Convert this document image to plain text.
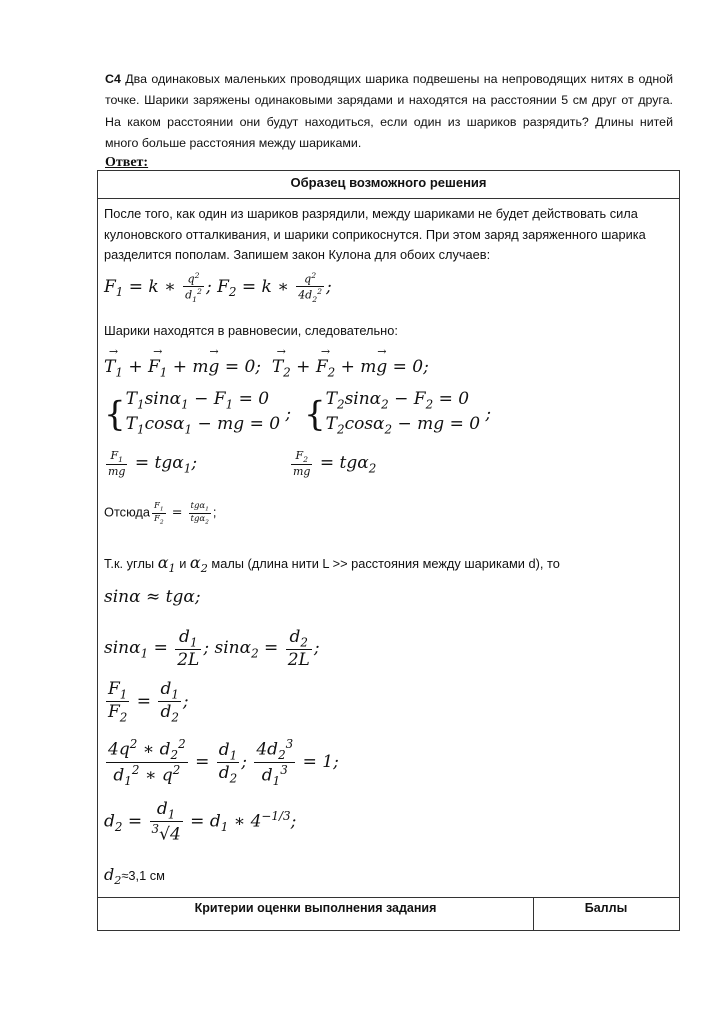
С4 Два одинаковых маленьких проводящих шарика подвешены на непроводящих нитях в одной точке. Шарики заряжены одинаковыми зарядами и находятся на расстоянии 5 см друг от друга. На каком расстоянии они будут находиться, если один из шариков разрядить? Длины нитей много больше расстояния между шариками.
Ответ:
Образец возможного решения
После того, как один из шариков разрядили, между шариками не будет действовать сила кулоновского отталкивания, и шарики соприкоснутся. При этом заряд заряженного шарика разделится пополам. Запишем закон Кулона для обоих случаев:
$F_1 = k$ ∗ $\frac{q^2}{d_1^2}$ ; $F_2 = k$ ∗ $\frac{q^2}{4d_2^2}$ ;
Шарики находятся в равновесии, следовательно:
→ $T_1$ + → $F_1 + m\to g = 0$;  → $T_2$ + → $F_2 + m\to g = 0$;
{$T_1\sin\alpha_1 - F_1 = 0$
$T_1\cos\alpha_1$ − mg = 0 ; {$T_2\sin\alpha_2 - F_2 = 0$
$T_2\cos\alpha_2$ − mg = 0 ;
$\frac{F_1}{mg} = tg\alpha_1$;	$\frac{F_2}{mg} = tg\alpha_2$
Отсюда $\frac{F_1}{F_2} = \frac{tg\alpha_1}{tg\alpha_2}$ ;
Т.к. углы $\alpha_1$ и $\alpha_2$ малы (длина нити L >> расстояния между шариками d), то
sinα ≈ tgα;
$\sin\alpha_1 = \frac{d_1}{2L}$ ; $\sin\alpha_2 = \frac{d_2}{2L}$ ;
$\frac{F_1}{F_2} = \frac{d_1}{d_2}$ ;
$\frac{4q^2 ∗ d_2^2}{d_1^2 ∗ q^2} = \frac{d_1}{d_2}$ ; $\frac{4d_2^3}{d_1^3} = 1$;
$d_2 = \frac{d_1}{^3√4} = d_1$ ∗ $4^{-1/3}$;
$d_2\approx 3,1$ см
Критерии оценки выполнения задания	Баллы
